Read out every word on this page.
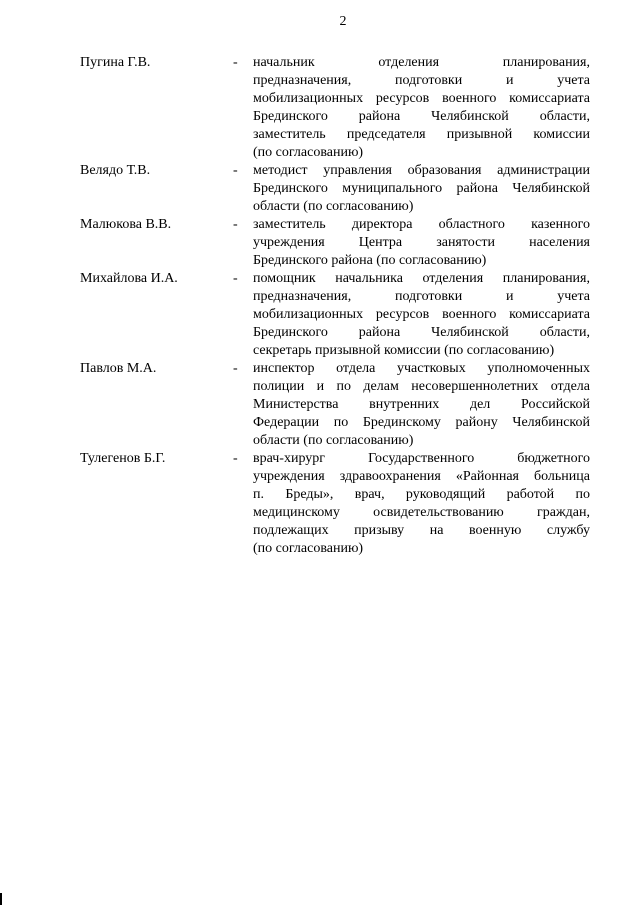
2
Пугина Г.В.	- начальник отделения планирования,
предназначения, подготовки и учета
мобилизационных ресурсов военного комиссариата
Брединского района Челябинской области,
заместитель председателя призывной комиссии
(по согласованию)
Велядо Т.В.	- методист управления образования администрации
Брединского муниципального района Челябинской
области (по согласованию)
Малюкова В.В.	- заместитель директора областного казенного
учреждения Центра занятости населения
Брединского района (по согласованию)
Михайлова И.А.	- помощник начальника отделения планирования,
предназначения, подготовки и учета
мобилизационных ресурсов военного комиссариата
Брединского района Челябинской области,
секретарь призывной комиссии (по согласованию)
Павлов М.А.	- инспектор отдела участковых уполномоченных
полиции и по делам несовершеннолетних отдела
Министерства внутренних дел Российской
Федерации по Брединскому району Челябинской
области (по согласованию)
Тулегенов Б.Г.	- врач-хирург Государственного бюджетного
учреждения здравоохранения «Районная больница
п. Бреды», врач, руководящий работой по
медицинскому освидетельствованию граждан,
подлежащих призыву на военную службу
(по согласованию)
